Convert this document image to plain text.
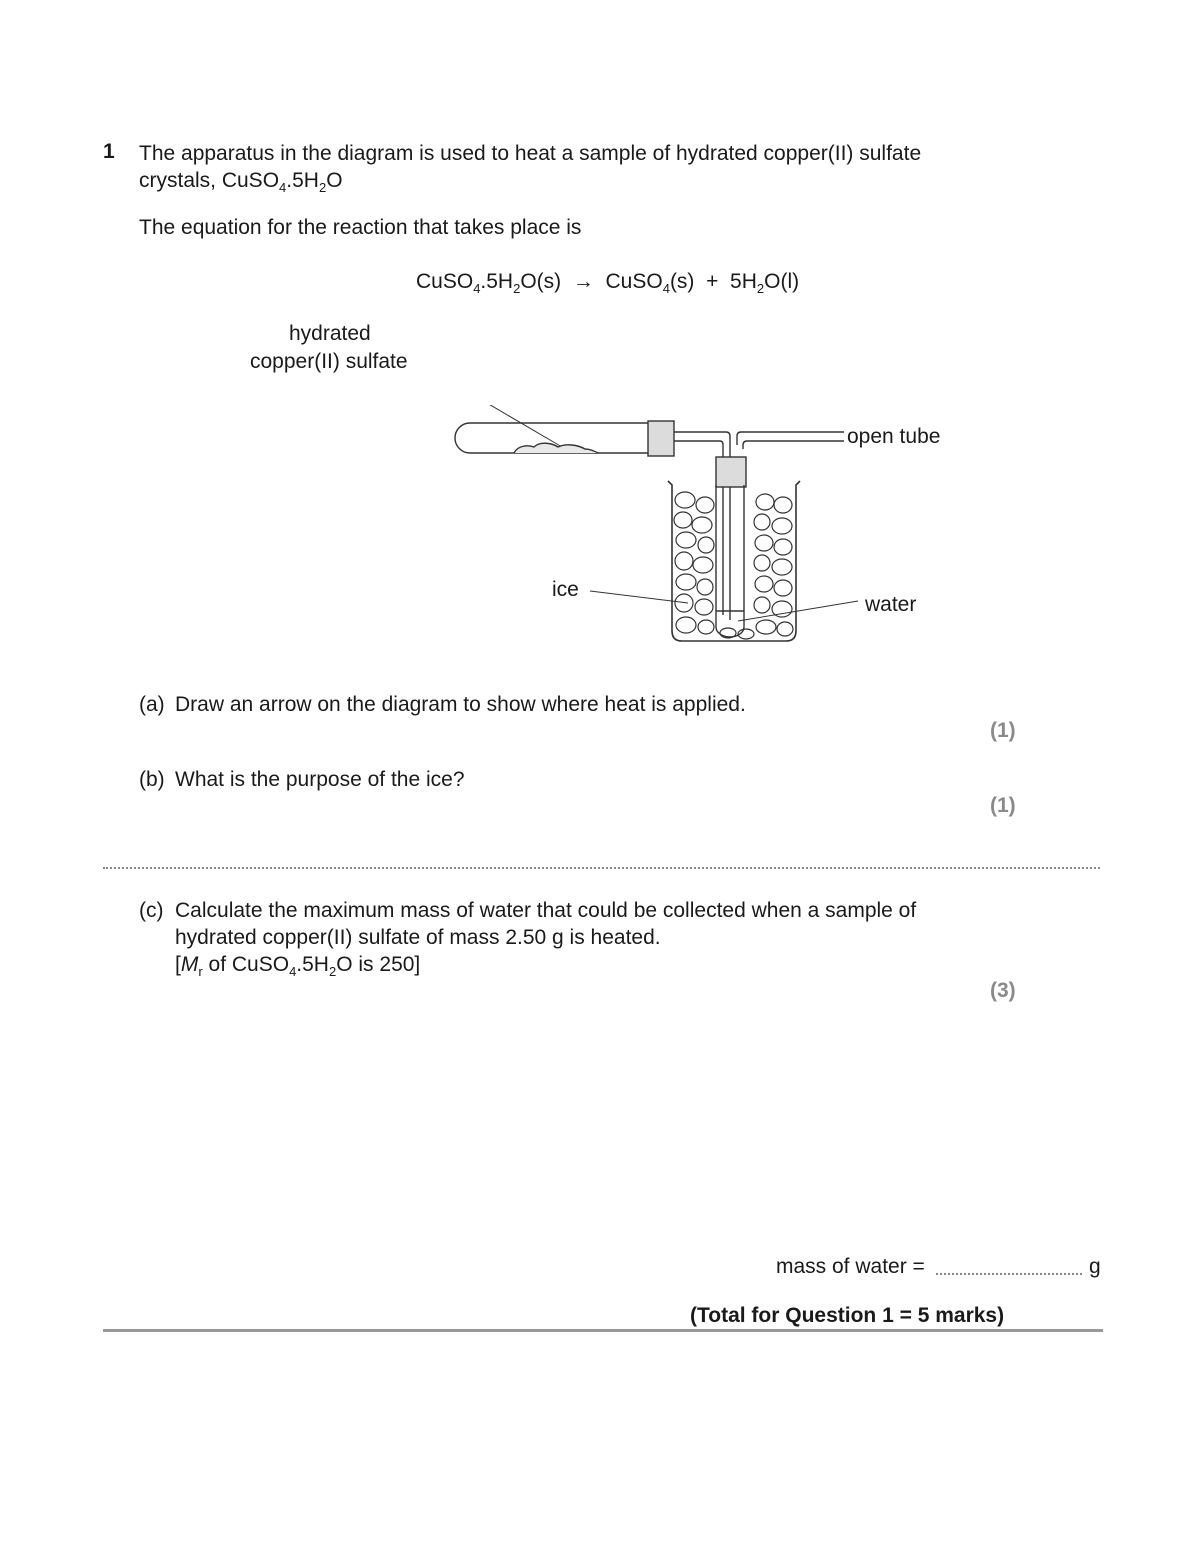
1 The apparatus in the diagram is used to heat a sample of hydrated copper(II) sulfate
crystals, $CuSO_4.5H_2O$
The equation for the reaction that takes place is
$CuSO_4.5H_2O(s)$ → CuSO$_4$(s) + $5H_2O(l)$
hydrated
copper(II) sulfate
open tube
ice
water
(a) Draw an arrow on the diagram to show where heat is applied.
(1)
(b) What is the purpose of the ice?
(1)
(c) Calculate the maximum mass of water that could be collected when a sample of
hydrated copper(II) sulfate of mass 2.50 g is heated.
[$M_r$ of $CuSO_4.5H_2O$ is 250]
(3)
mass of water =	g
(Total for Question 1 = 5 marks)
